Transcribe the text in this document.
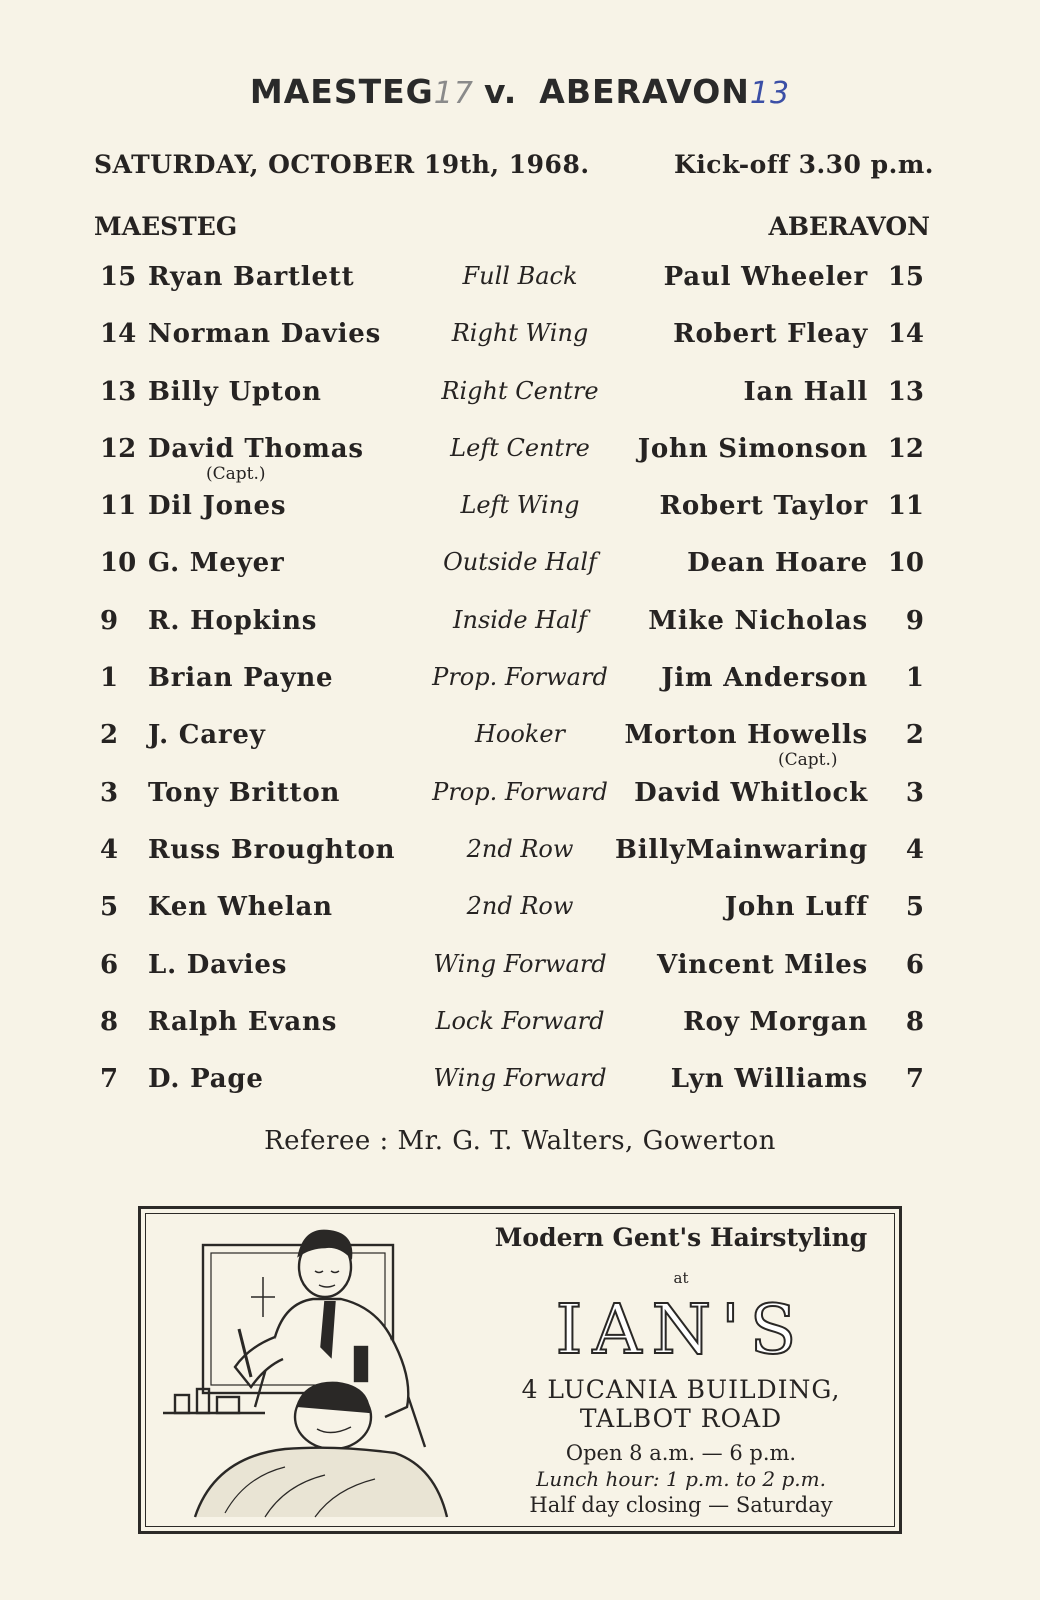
MAESTEG17 v. ABERAVON13
SATURDAY, OCTOBER 19th, 1968.	Kick-off 3.30 p.m.
MAESTEG	ABERAVON
15 Ryan Bartlett	Full Back	Paul Wheeler 15
14 Norman Davies	Right Wing	Robert Fleay 14
13 Billy Upton	Right Centre	Ian Hall 13
12 David Thomas	Left Centre	John Simonson 12
(Capt.)
11 Dil Jones	Left Wing	Robert Taylor 11
10 G. Meyer	Outside Half	Dean Hoare 10
9	R. Hopkins	Inside Half	Mike Nicholas	9
1	Brian Payne	Prop. Forward	Jim Anderson	1
2	J. Carey	Hooker	Morton Howells	2
(Capt.)
3	Tony Britton	Prop. Forward	David Whitlock	3
4	Russ Broughton	2nd Row	BillyMainwaring	4
5	Ken Whelan	2nd Row	John Luff	5
6	L. Davies	Wing Forward	Vincent Miles	6
8	Ralph Evans	Lock Forward	Roy Morgan	8
7	D. Page	Wing Forward	Lyn Williams	7
Referee : Mr. G. T. Walters, Gowerton
Modern Gent's Hairstyling
at
IAN'S
4 LUCANIA BUILDING,
TALBOT ROAD
Open 8 a.m. — 6 p.m.
Lunch hour: 1 p.m. to 2 p.m.
Half day closing — Saturday
